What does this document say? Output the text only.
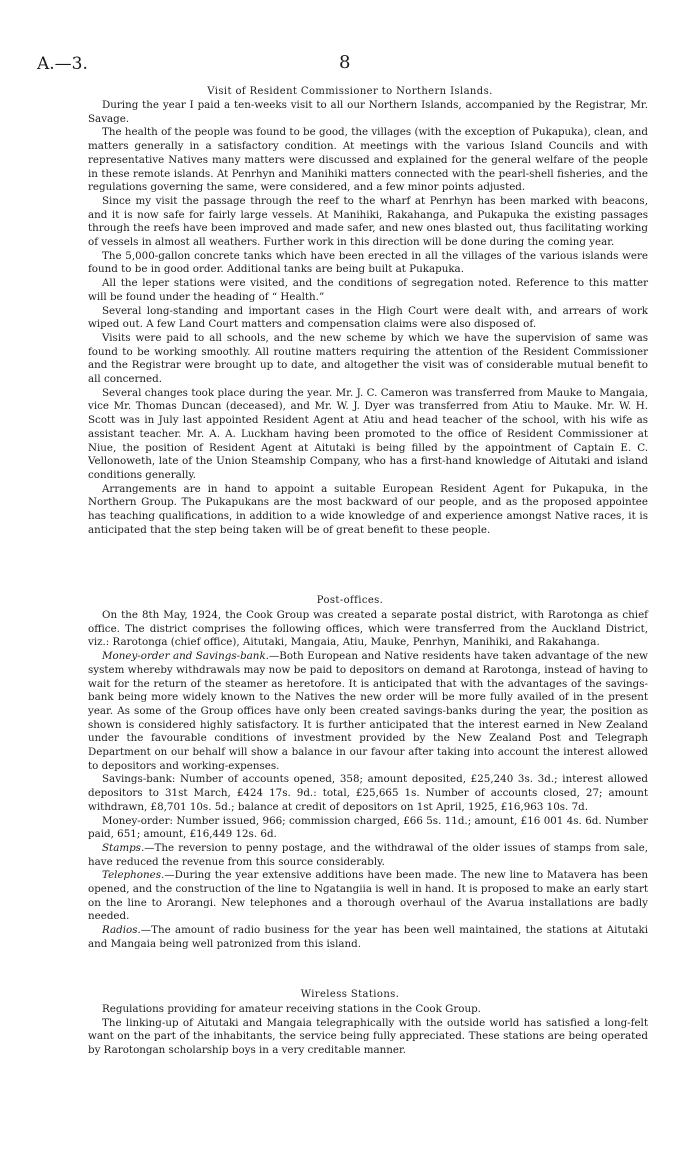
A.—3.	8
Visit of Resident Commissioner to Northern Islands.

During the year I paid a ten-weeks visit to all our Northern Islands, accompanied by the Registrar, Mr. Savage.

The health of the people was found to be good, the villages (with the exception of Pukapuka), clean, and matters generally in a satisfactory condition. At meetings with the various Island Councils and with representative Natives many matters were discussed and explained for the general welfare of the people in these remote islands. At Penrhyn and Manihiki matters connected with the pearl-shell fisheries, and the regulations governing the same, were considered, and a few minor points adjusted.

Since my visit the passage through the reef to the wharf at Penrhyn has been marked with beacons, and it is now safe for fairly large vessels. At Manihiki, Rakahanga, and Pukapuka the existing passages through the reefs have been improved and made safer, and new ones blasted out, thus facilitating working of vessels in almost all weathers. Further work in this direction will be done during the coming year.

The 5,000-gallon concrete tanks which have been erected in all the villages of the various islands were found to be in good order. Additional tanks are being built at Pukapuka.

All the leper stations were visited, and the conditions of segregation noted. Reference to this matter will be found under the heading of “ Health.”

Several long-standing and important cases in the High Court were dealt with, and arrears of work wiped out. A few Land Court matters and compensation claims were also disposed of.

Visits were paid to all schools, and the new scheme by which we have the supervision of same was found to be working smoothly. All routine matters requiring the attention of the Resident Commissioner and the Registrar were brought up to date, and altogether the visit was of considerable mutual benefit to all concerned.

Several changes took place during the year. Mr. J. C. Cameron was transferred from Mauke to Mangaia, vice Mr. Thomas Duncan (deceased), and Mr. W. J. Dyer was transferred from Atiu to Mauke. Mr. W. H. Scott was in July last appointed Resident Agent at Atiu and head teacher of the school, with his wife as assistant teacher. Mr. A. A. Luckham having been promoted to the office of Resident Commissioner at Niue, the position of Resident Agent at Aitutaki is being filled by the appointment of Captain E. C. Vellonoweth, late of the Union Steamship Company, who has a first-hand knowledge of Aitutaki and island conditions generally.

Arrangements are in hand to appoint a suitable European Resident Agent for Pukapuka, in the Northern Group. The Pukapukans are the most backward of our people, and as the proposed appointee has teaching qualifications, in addition to a wide knowledge of and experience amongst Native races, it is anticipated that the step being taken will be of great benefit to these people.

Post-offices.

On the 8th May, 1924, the Cook Group was created a separate postal district, with Rarotonga as chief office. The district comprises the following offices, which were transferred from the Auckland District, viz.: Rarotonga (chief office), Aitutaki, Mangaia, Atiu, Mauke, Penrhyn, Manihiki, and Rakahanga.

Money-order and Savings-bank.—Both European and Native residents have taken advantage of the new system whereby withdrawals may now be paid to depositors on demand at Rarotonga, instead of having to wait for the return of the steamer as heretofore. It is anticipated that with the advantages of the savings-bank being more widely known to the Natives the new order will be more fully availed of in the present year. As some of the Group offices have only been created savings-banks during the year, the position as shown is considered highly satisfactory. It is further anticipated that the interest earned in New Zealand under the favourable conditions of investment provided by the New Zealand Post and Telegraph Department on our behalf will show a balance in our favour after taking into account the interest allowed to depositors and working-expenses.

Savings-bank: Number of accounts opened, 358; amount deposited, £25,240 3s. 3d.; interest allowed depositors to 31st March, £424 17s. 9d.: total, £25,665 1s. Number of accounts closed, 27; amount withdrawn, £8,701 10s. 5d.; balance at credit of depositors on 1st April, 1925, £16,963 10s. 7d.

Money-order: Number issued, 966; commission charged, £66 5s. 11d.; amount, £16 001 4s. 6d. Number paid, 651; amount, £16,449 12s. 6d.

Stamps.—The reversion to penny postage, and the withdrawal of the older issues of stamps from sale, have reduced the revenue from this source considerably.

Telephones.—During the year extensive additions have been made. The new line to Matavera has been opened, and the construction of the line to Ngatangiia is well in hand. It is proposed to make an early start on the line to Arorangi. New telephones and a thorough overhaul of the Avarua installations are badly needed.

Radios.—The amount of radio business for the year has been well maintained, the stations at Aitutaki and Mangaia being well patronized from this island.

Wireless Stations.

Regulations providing for amateur receiving stations in the Cook Group.

The linking-up of Aitutaki and Mangaia telegraphically with the outside world has satisfied a long-felt want on the part of the inhabitants, the service being fully appreciated. These stations are being operated by Rarotongan scholarship boys in a very creditable manner.
